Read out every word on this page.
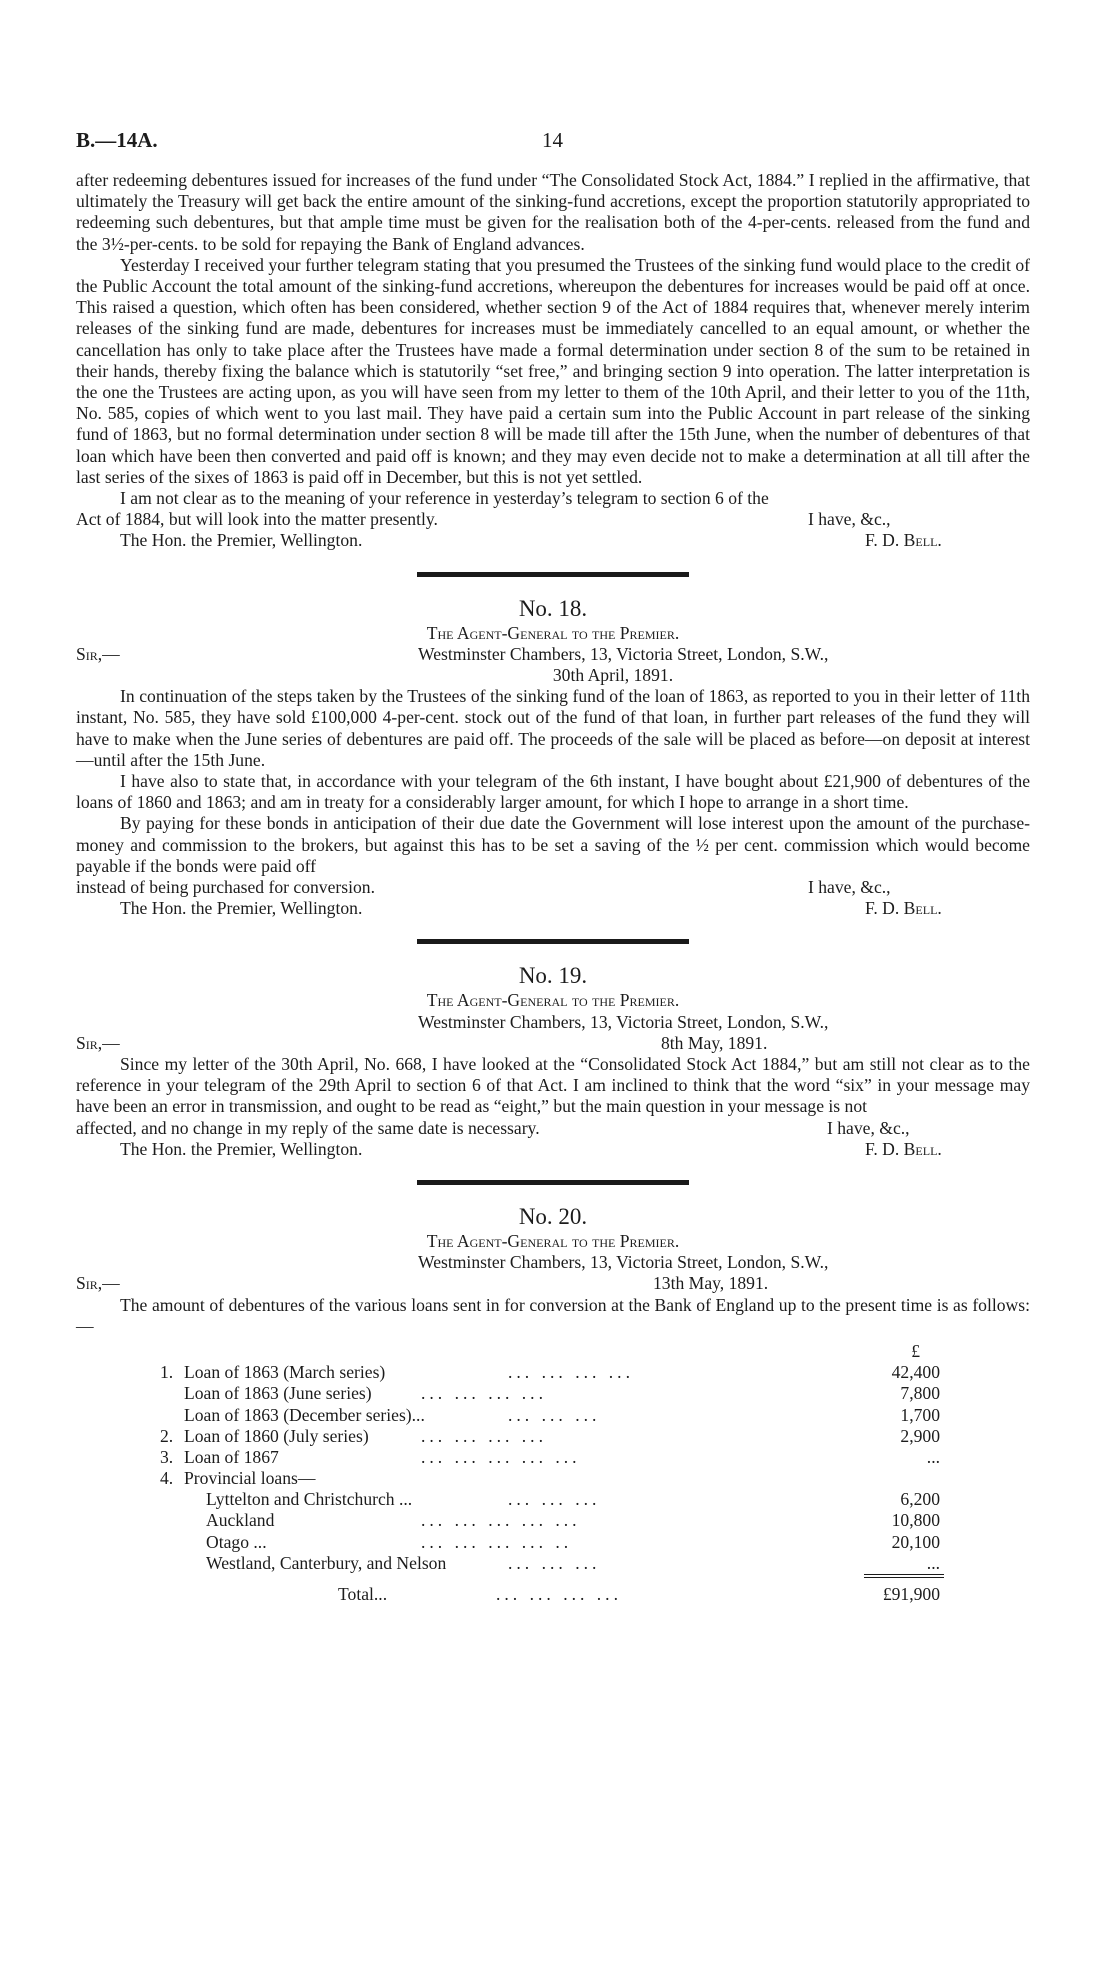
B.—14A.	14

after redeeming debentures issued for increases of the fund under “The Consolidated Stock Act, 1884.” I replied in the affirmative, that ultimately the Treasury will get back the entire amount of the sinking-fund accretions, except the proportion statutorily appropriated to redeeming such debentures, but that ample time must be given for the realisation both of the 4-per-cents. released from the fund and the 3½-per-cents. to be sold for repaying the Bank of England advances.

Yesterday I received your further telegram stating that you presumed the Trustees of the sinking fund would place to the credit of the Public Account the total amount of the sinking-fund accretions, whereupon the debentures for increases would be paid off at once. This raised a question, which often has been considered, whether section 9 of the Act of 1884 requires that, whenever merely interim releases of the sinking fund are made, debentures for increases must be immediately cancelled to an equal amount, or whether the cancellation has only to take place after the Trustees have made a formal determination under section 8 of the sum to be retained in their hands, thereby fixing the balance which is statutorily “set free,” and bringing section 9 into operation. The latter interpretation is the one the Trustees are acting upon, as you will have seen from my letter to them of the 10th April, and their letter to you of the 11th, No. 585, copies of which went to you last mail. They have paid a certain sum into the Public Account in part release of the sinking fund of 1863, but no formal determination under section 8 will be made till after the 15th June, when the number of debentures of that loan which have been then converted and paid off is known; and they may even decide not to make a determination at all till after the last series of the sixes of 1863 is paid off in December, but this is not yet settled.

I am not clear as to the meaning of your reference in yesterday’s telegram to section 6 of the

Act of 1884, but will look into the matter presently.	I have, &c.,
The Hon. the Premier, Wellington.	F. D. Bell.
No. 18.
The Agent-General to the Premier.
Sir,—	Westminster Chambers, 13, Victoria Street, London, S.W.,
30th April, 1891.

In continuation of the steps taken by the Trustees of the sinking fund of the loan of 1863, as reported to you in their letter of 11th instant, No. 585, they have sold £100,000 4-per-cent. stock out of the fund of that loan, in further part releases of the fund they will have to make when the June series of debentures are paid off. The proceeds of the sale will be placed as before—on deposit at interest—until after the 15th June.

I have also to state that, in accordance with your telegram of the 6th instant, I have bought about £21,900 of debentures of the loans of 1860 and 1863; and am in treaty for a considerably larger amount, for which I hope to arrange in a short time.

By paying for these bonds in anticipation of their due date the Government will lose interest upon the amount of the purchase-money and commission to the brokers, but against this has to be set a saving of the ½ per cent. commission which would become payable if the bonds were paid off

instead of being purchased for conversion.	I have, &c.,
The Hon. the Premier, Wellington.	F. D. Bell.
No. 19.
The Agent-General to the Premier.
Westminster Chambers, 13, Victoria Street, London, S.W.,
Sir,—	8th May, 1891.

Since my letter of the 30th April, No. 668, I have looked at the “Consolidated Stock Act 1884,” but am still not clear as to the reference in your telegram of the 29th April to section 6 of that Act. I am inclined to think that the word “six” in your message may have been an error in transmission, and ought to be read as “eight,” but the main question in your message is not

affected, and no change in my reply of the same date is necessary.	I have, &c.,
The Hon. the Premier, Wellington.	F. D. Bell.
No. 20.
The Agent-General to the Premier.
Westminster Chambers, 13, Victoria Street, London, S.W.,
Sir,—	13th May, 1891.

The amount of debentures of the various loans sent in for conversion at the Bank of England up to the present time is as follows:—

£
1. Loan of 1863 (March series)	... ... ... ...	42,400
Loan of 1863 (June series)	... ... ... ...	7,800
Loan of 1863 (December series)...	... ... ...	1,700
2. Loan of 1860 (July series)	... ... ... ...	2,900
3. Loan of 1867	... ... ... ... ...	...
4. Provincial loans—
Lyttelton and Christchurch ...	... ... ...	6,200
Auckland	... ... ... ... ...	10,800
Otago ...	... ... ... ... ..	20,100
Westland, Canterbury, and Nelson	... ... ...	...
Total...	... ... ... ...	£91,900
